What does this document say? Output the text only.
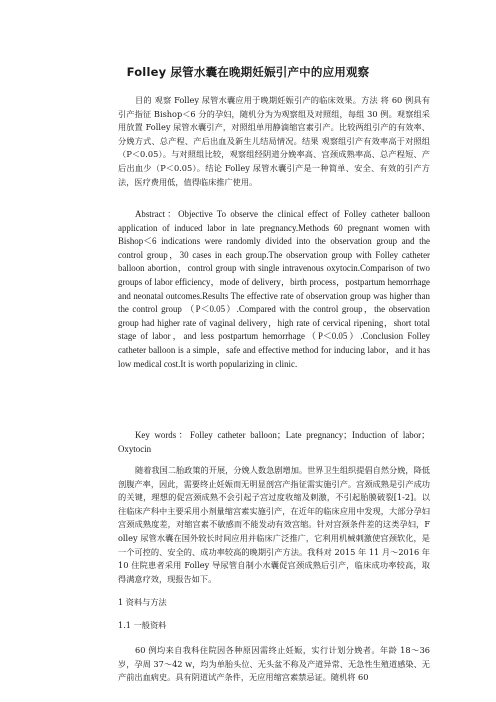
Folley 尿管水囊在晚期妊娠引产中的应用观察

目的 观察 Folley 尿管水囊应用于晚期妊娠引产的临床效果。方法 将 60 例具有引产指征 Bishop＜6 分的孕妇，随机分为为观察组及对照组，每组 30 例。观察组采用放置 Folley 尿管水囊引产，对照组单用静滴缩宫素引产。比较两组引产的有效率、分娩方式、总产程、产后出血及新生儿结局情况。结果 观察组引产有效率高于对照组（P＜0.05）。与对照组比较，观察组经阴道分娩率高、宫颈成熟率高、总产程短、产后出血少（P＜0.05）。结论 Folley 尿管水囊引产是一种简单、安全、有效的引产方法，医疗费用低，值得临床推广使用。

Abstract：Objective To observe the clinical effect of Folley catheter balloon application of induced labor in late pregnancy.Methods 60 pregnant women with Bishop＜6 indications were randomly divided into the observation group and the control group，30 cases in each group.The observation group with Folley catheter balloon abortion，control group with single intravenous oxytocin.Comparison of two groups of labor efficiency，mode of delivery，birth process，postpartum hemorrhage and neonatal outcomes.Results The effective rate of observation group was higher than the control group （P＜0.05）.Compared with the control group，the observation group had higher rate of vaginal delivery，high rate of cervical ripening，short total stage of labor，and less postpartum hemorrhage（P＜0.05）.Conclusion Folley catheter balloon is a simple，safe and effective method for inducing labor，and it has low medical cost.It is worth popularizing in clinic.

Key words：Folley catheter balloon；Late pregnancy；Induction of labor；Oxytocin

随着我国二胎政策的开展，分娩人数急剧增加。世界卫生组织提倡自然分娩，降低剖腹产率，因此，需要终止妊娠而无明显剖宫产指征需实施引产。宫颈成熟是引产成功的关键，理想的促宫颈成熟不会引起子宫过度收缩及刺激，不引起胎膜破裂[1-2]。以往临床产科中主要采用小剂量缩宫素实施引产，在近年的临床应用中发现，大部分孕妇宫颈成熟度差，对缩宫素不敏感而不能发动有效宫缩。针对宫颈条件差的这类孕妇，Folley 尿管水囊在国外较长时间应用并临床广泛推广，它利用机械刺激使宫颈软化，是一个可控的、安全的、成功率较高的晚期引产方法。我科对 2015 年 11 月～2016 年 10 住院患者采用 Folley 导尿管自制小水囊促宫颈成熟后引产，临床成功率较高，取得满意疗效，现报告如下。

1 资料与方法

1.1 一般资料

60 例均来自我科住院因各种原因需终止妊娠，实行计划分娩者。年龄 18～36 岁，孕周 37～42 w，均为单胎头位、无头盆不称及产道异常、无急性生殖道感染、无产前出血病史。具有阴道试产条件，无应用缩宫素禁忌证。随机将 60
